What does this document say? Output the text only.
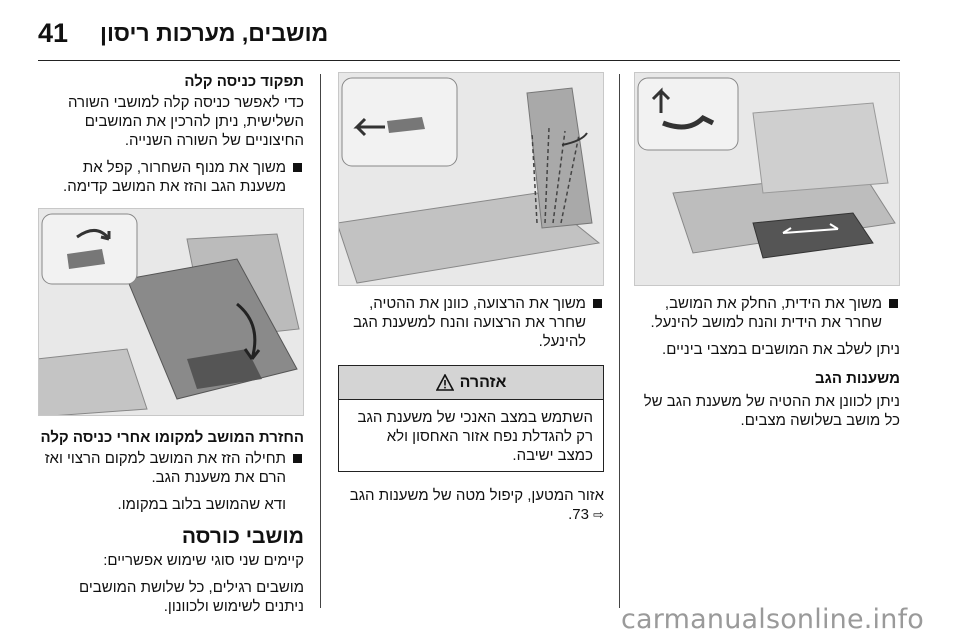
41 מושבים, מערכות ריסון
משוך את הידית, החלק את המושב, שחרר את הידית והנח למושב להינעל.
ניתן לשלב את המושבים במצבי ביניים.
משענות הגב
ניתן לכוונן את ההטיה של משענת הגב של כל מושב בשלושה מצבים.
משוך את הרצועה, כוונן את ההטיה, שחרר את הרצועה והנח למשענת הגב להינעל.
אזהרה
השתמש במצב האנכי של משענת הגב רק להגדלת נפח אזור האחסון ולא כמצב ישיבה.
אזור המטען, קיפול מטה של משענות הגב ⇨ 73.
תפקוד כניסה קלה
כדי לאפשר כניסה קלה למושבי השורה השלישית, ניתן להרכין את המושבים החיצוניים של השורה השנייה.
משוך את מנוף השחרור, קפל את משענת הגב והזז את המושב קדימה.
החזרת המושב למקומו אחרי כניסה קלה
תחילה הזז את המושב למקום הרצוי ואז הרם את משענת הגב.
ודא שהמושב בלוב במקומו.
מושבי כורסה
קיימים שני סוגי שימוש אפשריים:
מושבים רגילים, כל שלושת המושבים ניתנים לשימוש ולכוונון.	carmanualsonline.info
